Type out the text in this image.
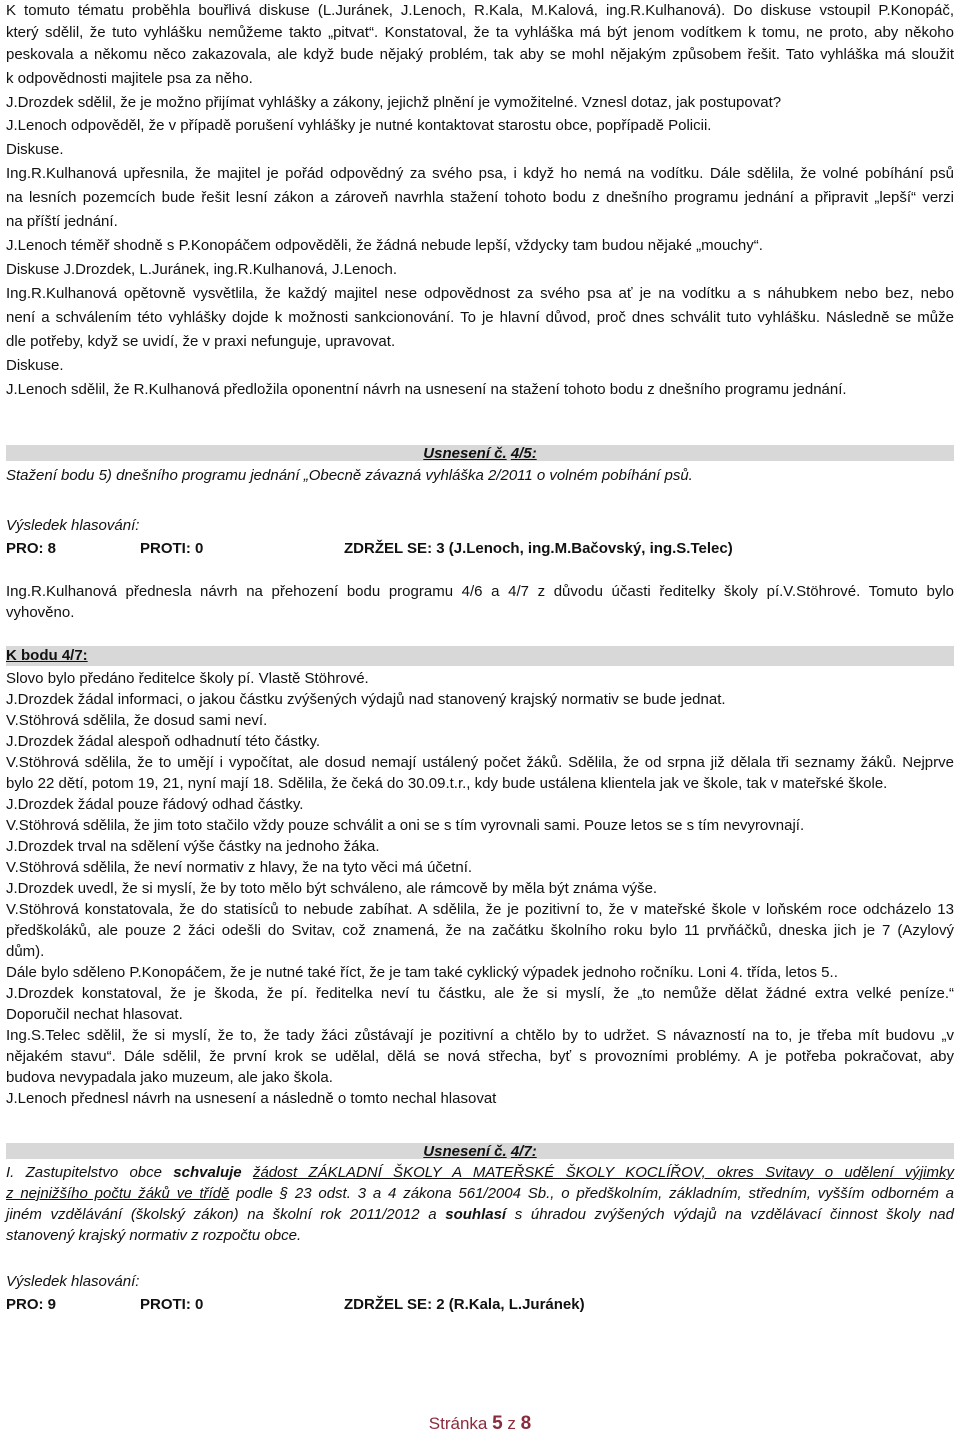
K tomuto tématu proběhla bouřlivá diskuse (L.Juránek, J.Lenoch, R.Kala, M.Kalová, ing.R.Kulhanová). Do diskuse vstoupil P.Konopáč,
který sdělil, že tuto vyhlášku nemůžeme takto „pitvat“. Konstatoval, že ta vyhláška má být jenom vodítkem k tomu, ne proto, aby někoho
peskovala a někomu něco zakazovala, ale když bude nějaký problém, tak aby se mohl nějakým způsobem řešit. Tato vyhláška má sloužit
k odpovědnosti majitele psa za něho.
J.Drozdek sdělil, že je možno přijímat vyhlášky a zákony, jejichž plnění je vymožitelné. Vznesl dotaz, jak postupovat?
J.Lenoch odpověděl, že v případě porušení vyhlášky je nutné kontaktovat starostu obce, popřípadě Policii.
Diskuse.
Ing.R.Kulhanová upřesnila, že majitel je pořád odpovědný za svého psa, i když ho nemá na vodítku. Dále sdělila, že volné pobíhání psů
na lesních pozemcích bude řešit lesní zákon a zároveň navrhla stažení tohoto bodu z dnešního programu jednání a připravit „lepší“ verzi
na příští jednání.
J.Lenoch téměř shodně s P.Konopáčem odpověděli, že žádná nebude lepší, vždycky tam budou nějaké „mouchy“.
Diskuse J.Drozdek, L.Juránek, ing.R.Kulhanová, J.Lenoch.
Ing.R.Kulhanová opětovně vysvětlila, že každý majitel nese odpovědnost za svého psa ať je na vodítku a s náhubkem nebo bez, nebo
není a schválením této vyhlášky dojde k možnosti sankcionování. To je hlavní důvod, proč dnes schválit tuto vyhlášku. Následně se může
dle potřeby, když se uvidí, že v praxi nefunguje, upravovat.
Diskuse.
J.Lenoch sdělil, že R.Kulhanová předložila oponentní návrh na usnesení na stažení tohoto bodu z dnešního programu jednání.
Usnesení č. 4/5:
Stažení bodu 5) dnešního programu jednání „Obecně závazná vyhláška 2/2011 o volném pobíhání psů.
Výsledek hlasování:
PRO: 8	PROTI: 0	ZDRŽEL SE: 3 (J.Lenoch, ing.M.Bačovský, ing.S.Telec)
Ing.R.Kulhanová přednesla návrh na přehození bodu programu 4/6 a 4/7 z důvodu účasti ředitelky školy pí.V.Stöhrové. Tomuto bylo
vyhověno.
K bodu 4/7:
Slovo bylo předáno ředitelce školy pí. Vlastě Stöhrové.
J.Drozdek žádal informaci, o jakou částku zvýšených výdajů nad stanovený krajský normativ se bude jednat.
V.Stöhrová sdělila, že dosud sami neví.
J.Drozdek žádal alespoň odhadnutí této částky.
V.Stöhrová sdělila, že to umějí i vypočítat, ale dosud nemají ustálený počet žáků. Sdělila, že od srpna již dělala tři seznamy žáků. Nejprve
bylo 22 dětí, potom 19, 21, nyní mají 18. Sdělila, že čeká do 30.09.t.r., kdy bude ustálena klientela jak ve škole, tak v mateřské škole.
J.Drozdek žádal pouze řádový odhad částky.
V.Stöhrová sdělila, že jim toto stačilo vždy pouze schválit a oni se s tím vyrovnali sami. Pouze letos se s tím nevyrovnají.
J.Drozdek trval na sdělení výše částky na jednoho žáka.
V.Stöhrová sdělila, že neví normativ z hlavy, že na tyto věci má účetní.
J.Drozdek uvedl, že si myslí, že by toto mělo být schváleno, ale rámcově by měla být známa výše.
V.Stöhrová konstatovala, že do statisíců to nebude zabíhat. A sdělila, že je pozitivní to, že v mateřské škole v loňském roce odcházelo 13
předškoláků, ale pouze 2 žáci odešli do Svitav, což znamená, že na začátku školního roku bylo 11 prvňáčků, dneska jich je 7 (Azylový
dům).
Dále bylo sděleno P.Konopáčem, že je nutné také říct, že je tam také cyklický výpadek jednoho ročníku. Loni 4. třída, letos 5..
J.Drozdek konstatoval, že je škoda, že pí. ředitelka neví tu částku, ale že si myslí, že „to nemůže dělat žádné extra velké peníze.“
Doporučil nechat hlasovat.
Ing.S.Telec sdělil, že si myslí, že to, že tady žáci zůstávají je pozitivní a chtělo by to udržet. S návazností na to, je třeba mít budovu „v
nějakém stavu“. Dále sdělil, že první krok se udělal, dělá se nová střecha, byť s provozními problémy. A je potřeba pokračovat, aby
budova nevypadala jako muzeum, ale jako škola.
J.Lenoch přednesl návrh na usnesení a následně o tomto nechal hlasovat
Usnesení č. 4/7:
I. Zastupitelstvo obce schvaluje žádost ZÁKLADNÍ ŠKOLY A MATEŘSKÉ ŠKOLY KOCLÍŘOV, okres Svitavy o udělení výjimky
z nejnižšího počtu žáků ve třídě podle § 23 odst. 3 a 4 zákona 561/2004 Sb., o předškolním, základním, středním, vyšším odborném a
jiném vzdělávání (školský zákon) na školní rok 2011/2012 a souhlasí s úhradou zvýšených výdajů na vzdělávací činnost školy nad
stanovený krajský normativ z rozpočtu obce.
Výsledek hlasování:
PRO: 9	PROTI: 0	ZDRŽEL SE: 2 (R.Kala, L.Juránek)
Stránka 5 z 8
